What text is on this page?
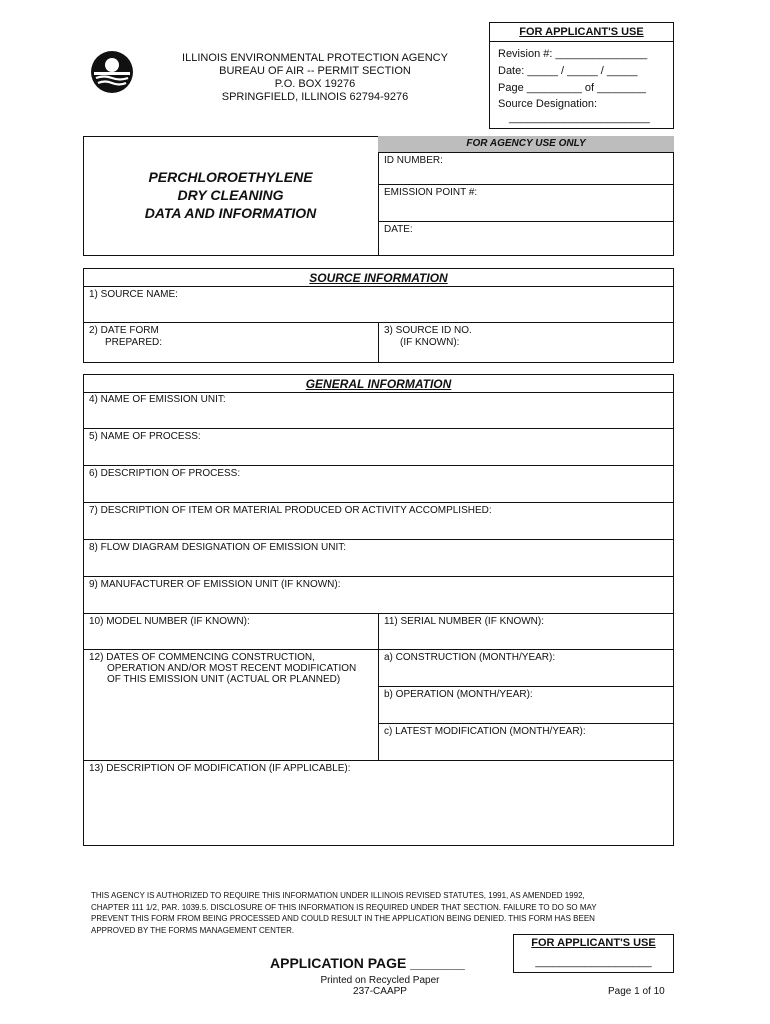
ILLINOIS ENVIRONMENTAL PROTECTION AGENCY
BUREAU OF AIR -- PERMIT SECTION
P.O. BOX 19276
SPRINGFIELD, ILLINOIS 62794-9276
FOR APPLICANT'S USE
Revision #: _______________
Date: _____ / _____ / _____
Page _________ of ________
Source Designation:
_______________________
FOR AGENCY USE ONLY
PERCHLOROETHYLENE
DRY CLEANING
DATA AND INFORMATION
ID NUMBER:
EMISSION POINT #:
DATE:
SOURCE INFORMATION
1) SOURCE NAME:
2) DATE FORM
PREPARED:
3) SOURCE ID NO.
(IF KNOWN):
GENERAL INFORMATION
4) NAME OF EMISSION UNIT:
5) NAME OF PROCESS:
6) DESCRIPTION OF PROCESS:
7) DESCRIPTION OF ITEM OR MATERIAL PRODUCED OR ACTIVITY ACCOMPLISHED:
8) FLOW DIAGRAM DESIGNATION OF EMISSION UNIT:
9) MANUFACTURER OF EMISSION UNIT (IF KNOWN):
10) MODEL NUMBER (IF KNOWN):	11) SERIAL NUMBER (IF KNOWN):
12) DATES OF COMMENCING CONSTRUCTION,
OPERATION AND/OR MOST RECENT MODIFICATION
OF THIS EMISSION UNIT (ACTUAL OR PLANNED)
a) CONSTRUCTION (MONTH/YEAR):
b) OPERATION (MONTH/YEAR):
c) LATEST MODIFICATION (MONTH/YEAR):
13) DESCRIPTION OF MODIFICATION (IF APPLICABLE):
THIS AGENCY IS AUTHORIZED TO REQUIRE THIS INFORMATION UNDER ILLINOIS REVISED STATUTES, 1991, AS AMENDED 1992,
CHAPTER 111 1/2, PAR. 1039.5. DISCLOSURE OF THIS INFORMATION IS REQUIRED UNDER THAT SECTION. FAILURE TO DO SO MAY
PREVENT THIS FORM FROM BEING PROCESSED AND COULD RESULT IN THE APPLICATION BEING DENIED. THIS FORM HAS BEEN
APPROVED BY THE FORMS MANAGEMENT CENTER.
FOR APPLICANT'S USE
___________________
APPLICATION PAGE _______
Printed on Recycled Paper
237-CAAPP	Page 1 of 10
